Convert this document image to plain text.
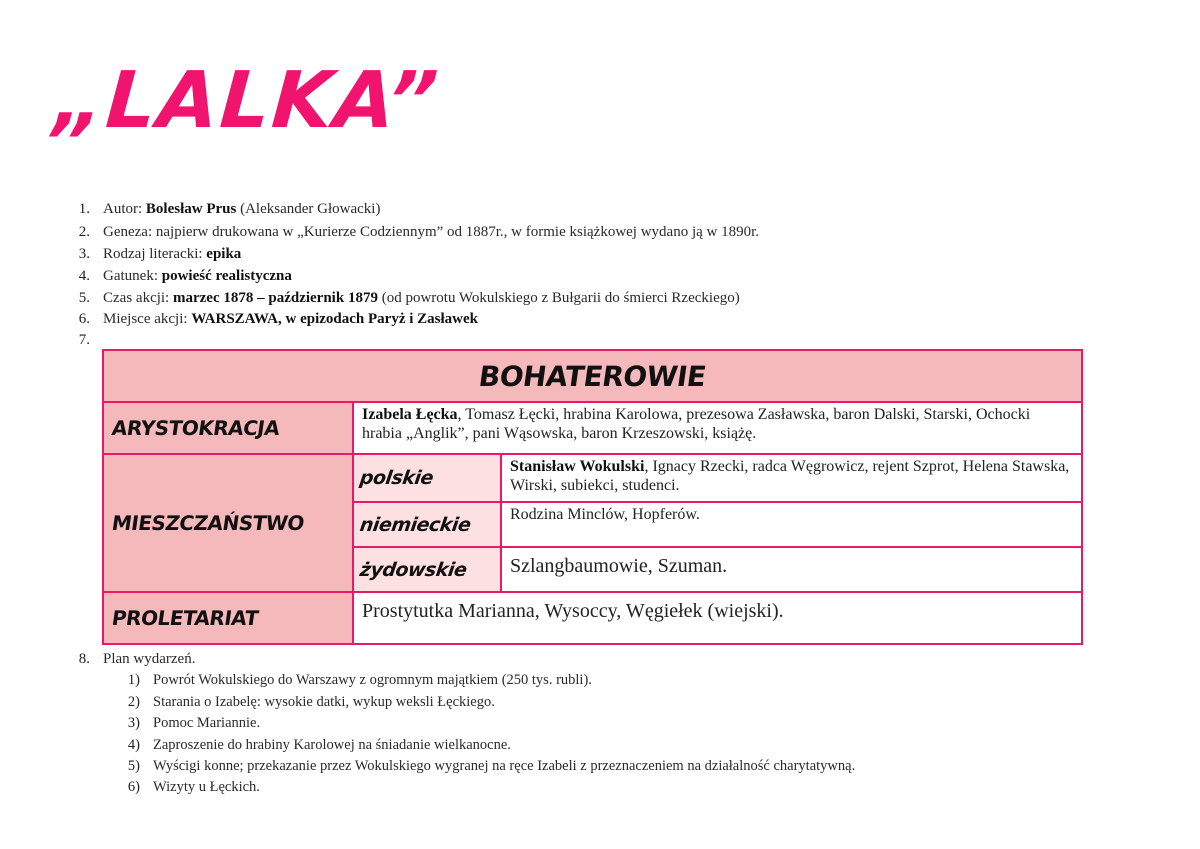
„LALKA”
1. Autor: Bolesław Prus (Aleksander Głowacki)
2. Geneza: najpierw drukowana w „Kurierze Codziennym” od 1887r., w formie książkowej wydano ją w 1890r.
3. Rodzaj literacki: epika
4. Gatunek: powieść realistyczna
5. Czas akcji: marzec 1878 – październik 1879 (od powrotu Wokulskiego z Bułgarii do śmierci Rzeckiego)
6. Miejsce akcji: WARSZAWA, w epizodach Paryż i Zasławek
7.
BOHATEROWIE		
ARYSTOKRACJA	Izabela Łęcka, Tomasz Łęcki, hrabina Karolowa, prezesowa Zasławska, baron Dalski, Starski, Ochocki hrabia „Anglik”, pani Wąsowska, baron Krzeszowski, książę.	
MIESZCZAŃSTWO	polskie	Stanisław Wokulski, Ignacy Rzecki, radca Węgrowicz, rejent Szprot, Helena Stawska, Wirski, subiekci, studenci.
	niemieckie	Rodzina Minclów, Hopferów.
	żydowskie	Szlangbaumowie, Szuman.
PROLETARIAT	Prostytutka Marianna, Wysoccy, Węgiełek (wiejski).	
8. Plan wydarzeń.
1) Powrót Wokulskiego do Warszawy z ogromnym majątkiem (250 tys. rubli).
2) Starania o Izabelę: wysokie datki, wykup weksli Łęckiego.
3) Pomoc Mariannie.
4) Zaproszenie do hrabiny Karolowej na śniadanie wielkanocne.
5) Wyścigi konne; przekazanie przez Wokulskiego wygranej na ręce Izabeli z przeznaczeniem na działalność charytatywną.
6) Wizyty u Łęckich.
